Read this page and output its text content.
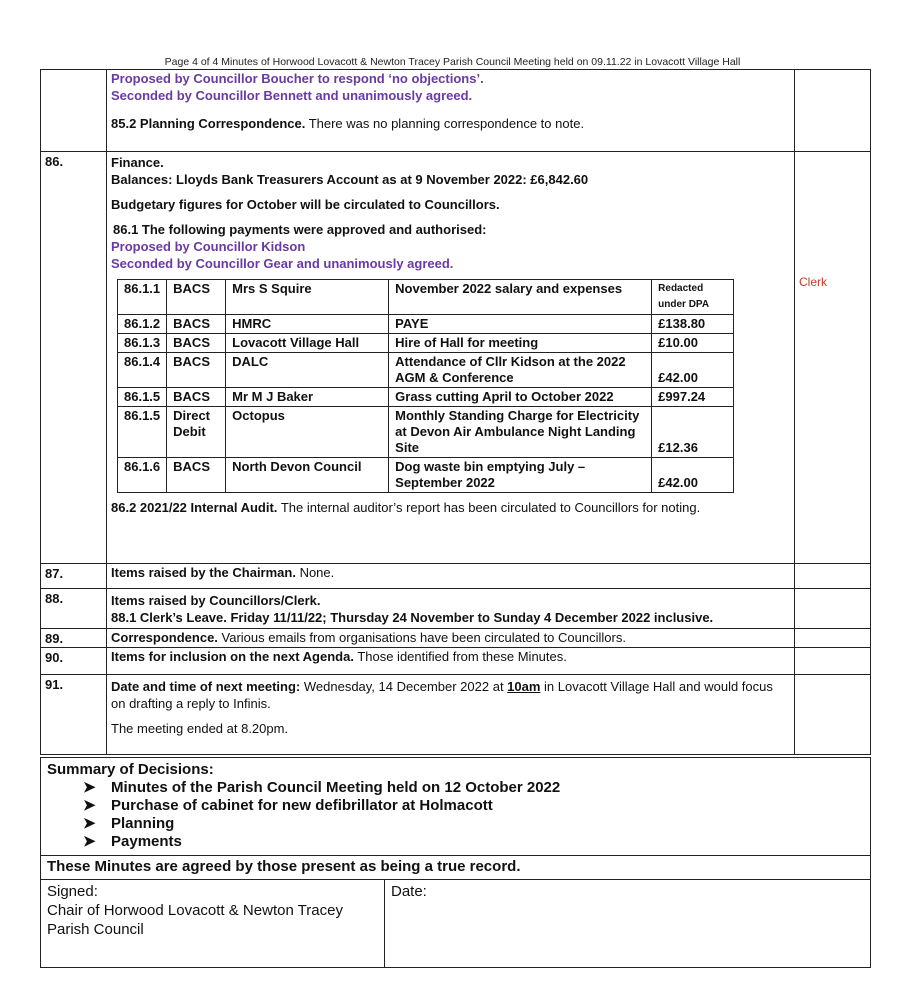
Page 4 of 4 Minutes of Horwood Lovacott & Newton Tracey Parish Council Meeting held on 09.11.22 in Lovacott Village Hall

Proposed by Councillor Boucher to respond ‘no objections’.
Seconded by Councillor Bennett and unanimously agreed.
85.2 Planning Correspondence. There was no planning correspondence to note.

86.	Finance.
Balances: Lloyds Bank Treasurers Account as at 9 November 2022: £6,842.60
Budgetary figures for October will be circulated to Councillors.
86.1 The following payments were approved and authorised:
Proposed by Councillor Kidson
Seconded by Councillor Gear and unanimously agreed.
86.1.1	BACS	Mrs S Squire	November 2022 salary and expenses	Redacted under DPA
86.1.2	BACS	HMRC	PAYE	£138.80
86.1.3	BACS	Lovacott Village Hall	Hire of Hall for meeting	£10.00
86.1.4	BACS	DALC	Attendance of Cllr Kidson at the 2022 AGM & Conference	£42.00
86.1.5	BACS	Mr M J Baker	Grass cutting April to October 2022	£997.24
86.1.5	Direct Debit	Octopus	Monthly Standing Charge for Electricity at Devon Air Ambulance Night Landing Site	£12.36
86.1.6	BACS	North Devon Council	Dog waste bin emptying July – September 2022	£42.00
86.2 2021/22 Internal Audit. The internal auditor’s report has been circulated to Councillors for noting.

Clerk

87.	Items raised by the Chairman. None.	
88.	Items raised by Councillors/Clerk.
88.1 Clerk’s Leave. Friday 11/11/22; Thursday 24 November to Sunday 4 December 2022 inclusive.

89.	Correspondence. Various emails from organisations have been circulated to Councillors.	
90.	Items for inclusion on the next Agenda. Those identified from these Minutes.	
91.	Date and time of next meeting: Wednesday, 14 December 2022 at 10am in Lovacott Village Hall and would focus on drafting a reply to Infinis.
The meeting ended at 8.20pm.

Summary of Decisions:
➤ Minutes of the Parish Council Meeting held on 12 October 2022
➤ Purchase of cabinet for new defibrillator at Holmacott
➤ Planning
➤ Payments

These Minutes are agreed by those present as being a true record.

Signed:
Chair of Horwood Lovacott & Newton Tracey Parish Council

Date:
